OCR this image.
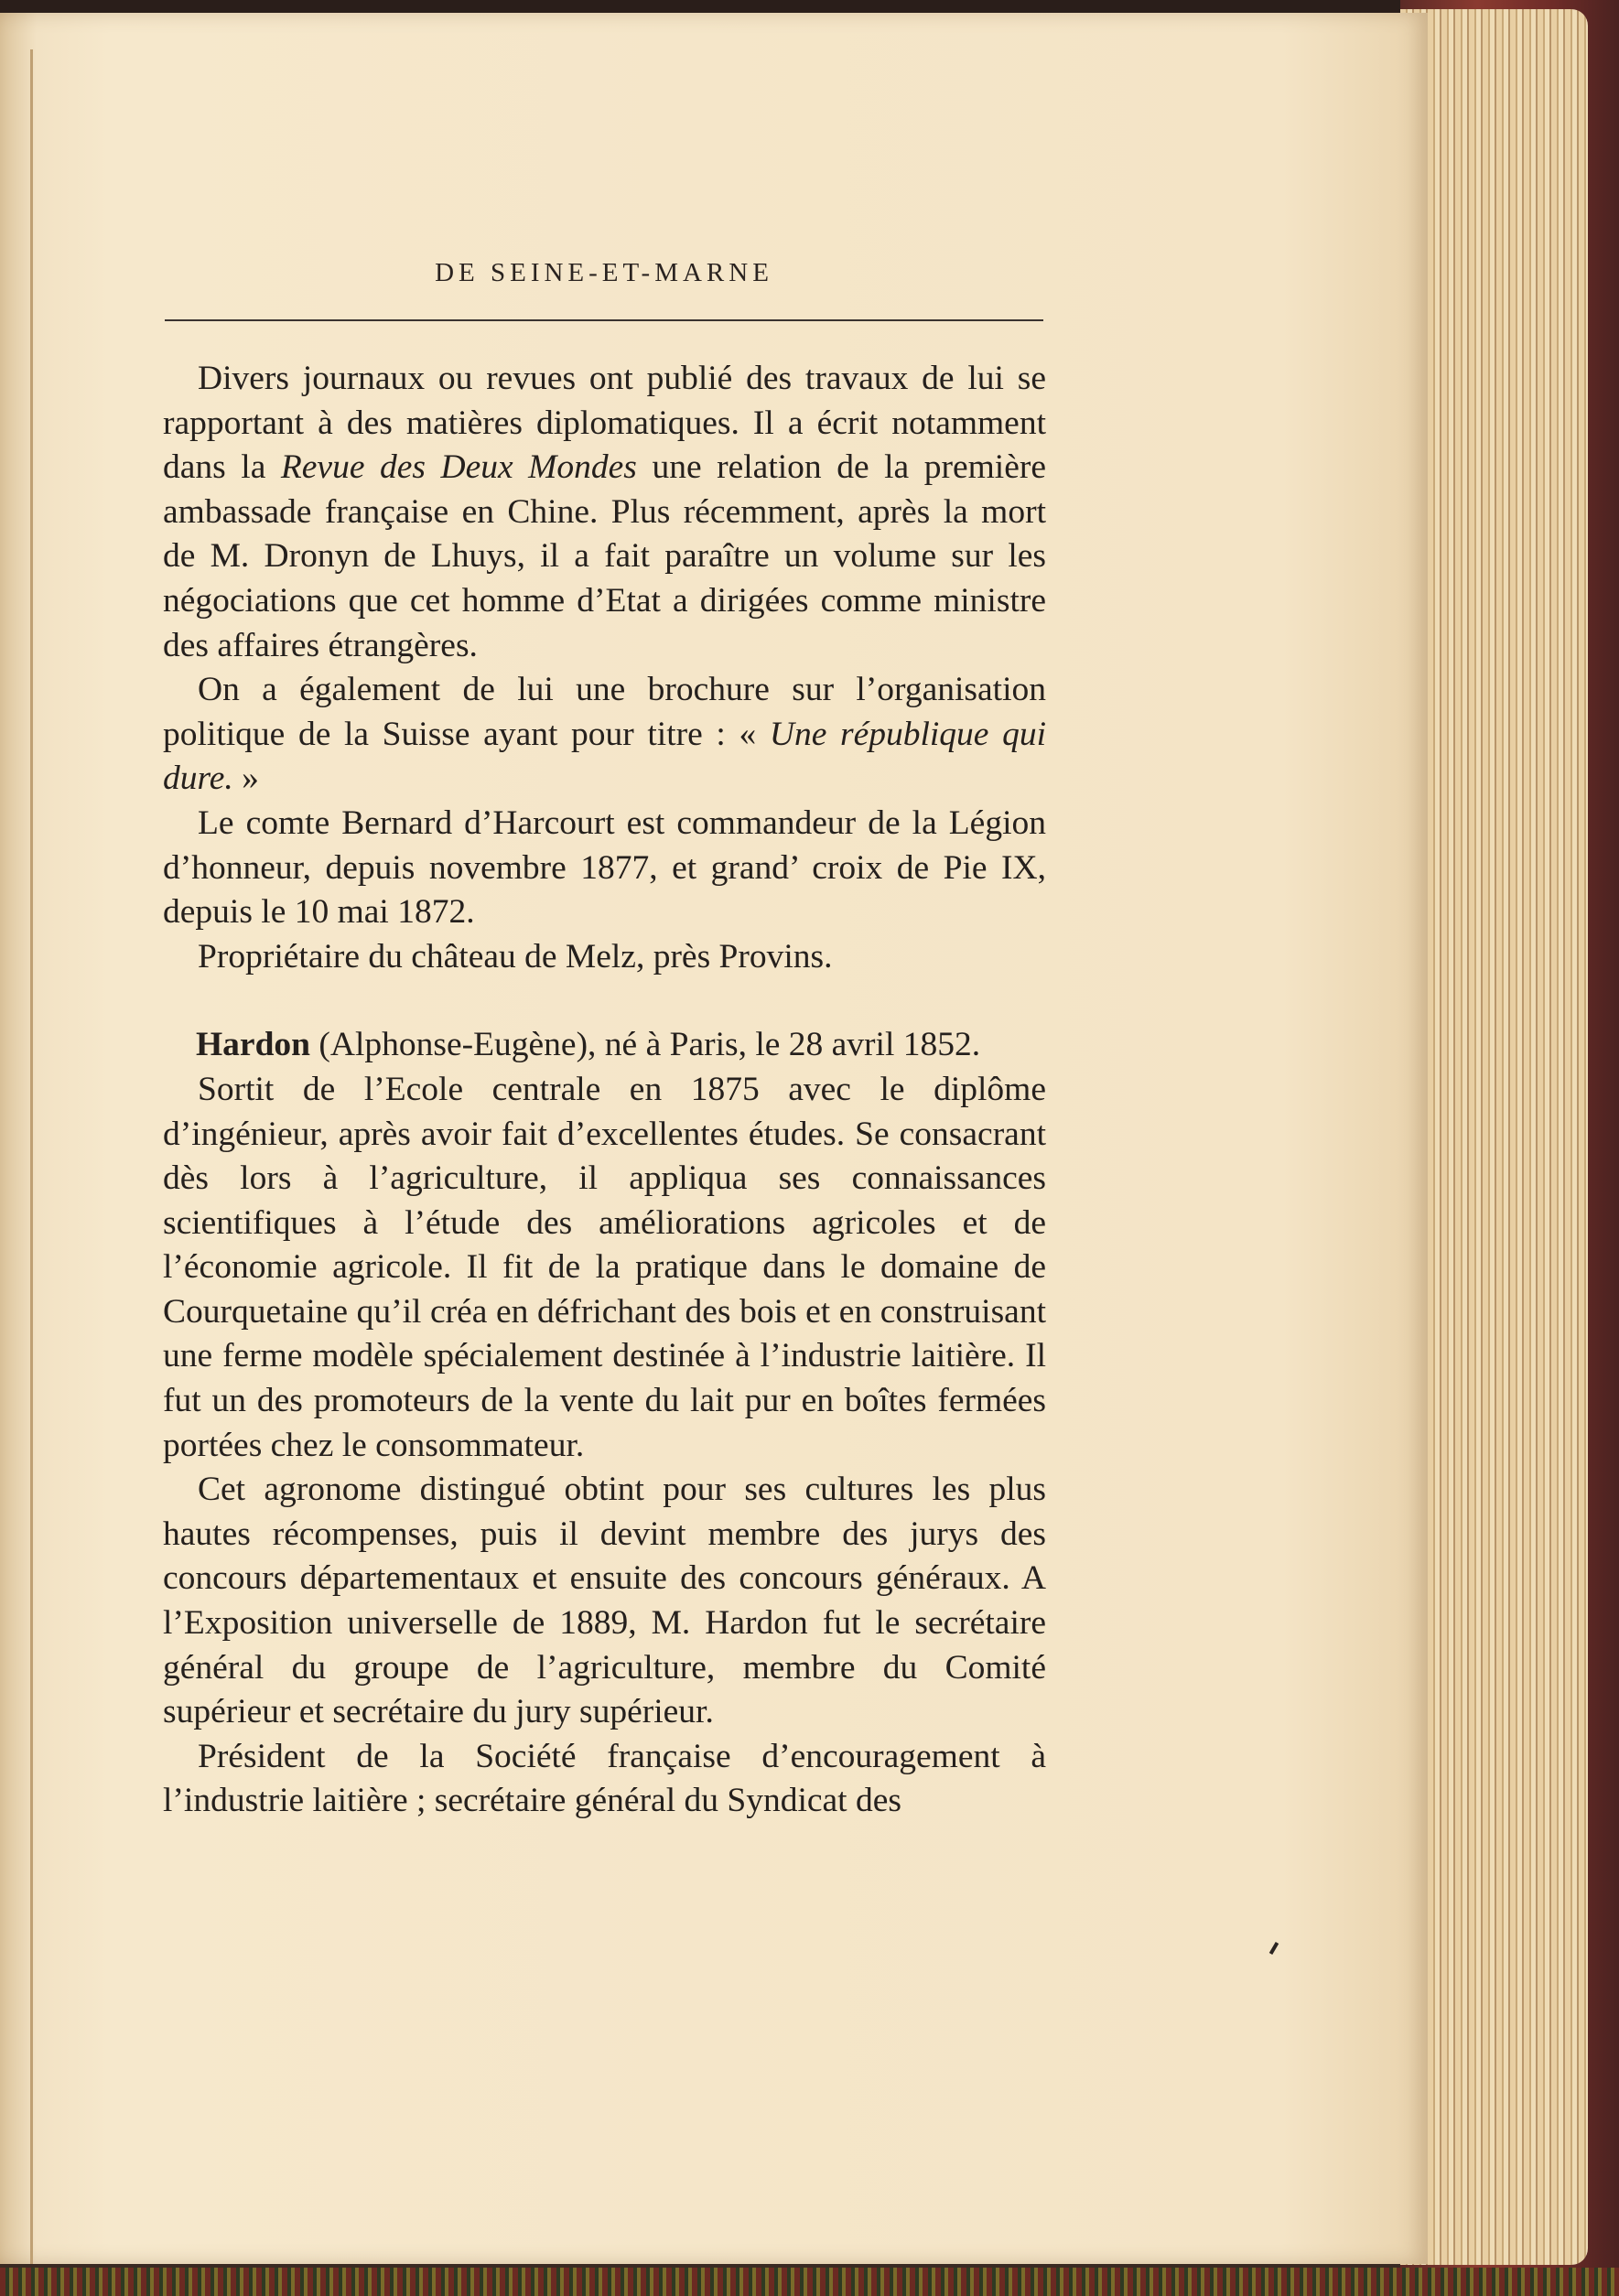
DE SEINE-ET-MARNE

Divers journaux ou revues ont publié des travaux de lui se rapportant à des matières diplomatiques. Il a écrit notamment dans la Revue des Deux Mondes une relation de la première ambassade française en Chine. Plus récemment, après la mort de M. Dronyn de Lhuys, il a fait paraître un volume sur les négociations que cet homme d’Etat a dirigées comme ministre des affaires étrangères.

On a également de lui une brochure sur l’organisation politique de la Suisse ayant pour titre : « Une république qui dure. »

Le comte Bernard d’Harcourt est commandeur de la Légion d’honneur, depuis novembre 1877, et grand’ croix de Pie IX, depuis le 10 mai 1872.

Propriétaire du château de Melz, près Provins.

Hardon (Alphonse-Eugène), né à Paris, le 28 avril 1852.

Sortit de l’Ecole centrale en 1875 avec le diplôme d’ingénieur, après avoir fait d’excellentes études. Se consacrant dès lors à l’agriculture, il appliqua ses connaissances scientifiques à l’étude des améliorations agricoles et de l’économie agricole. Il fit de la pratique dans le domaine de Courquetaine qu’il créa en défrichant des bois et en construisant une ferme modèle spécialement destinée à l’industrie laitière. Il fut un des promoteurs de la vente du lait pur en boîtes fermées portées chez le consommateur.

Cet agronome distingué obtint pour ses cultures les plus hautes récompenses, puis il devint membre des jurys des concours départementaux et ensuite des concours généraux. A l’Exposition universelle de 1889, M. Hardon fut le secrétaire général du groupe de l’agriculture, membre du Comité supérieur et secrétaire du jury supérieur.

Président de la Société française d’encouragement à l’industrie laitière ; secrétaire général du Syndicat des
